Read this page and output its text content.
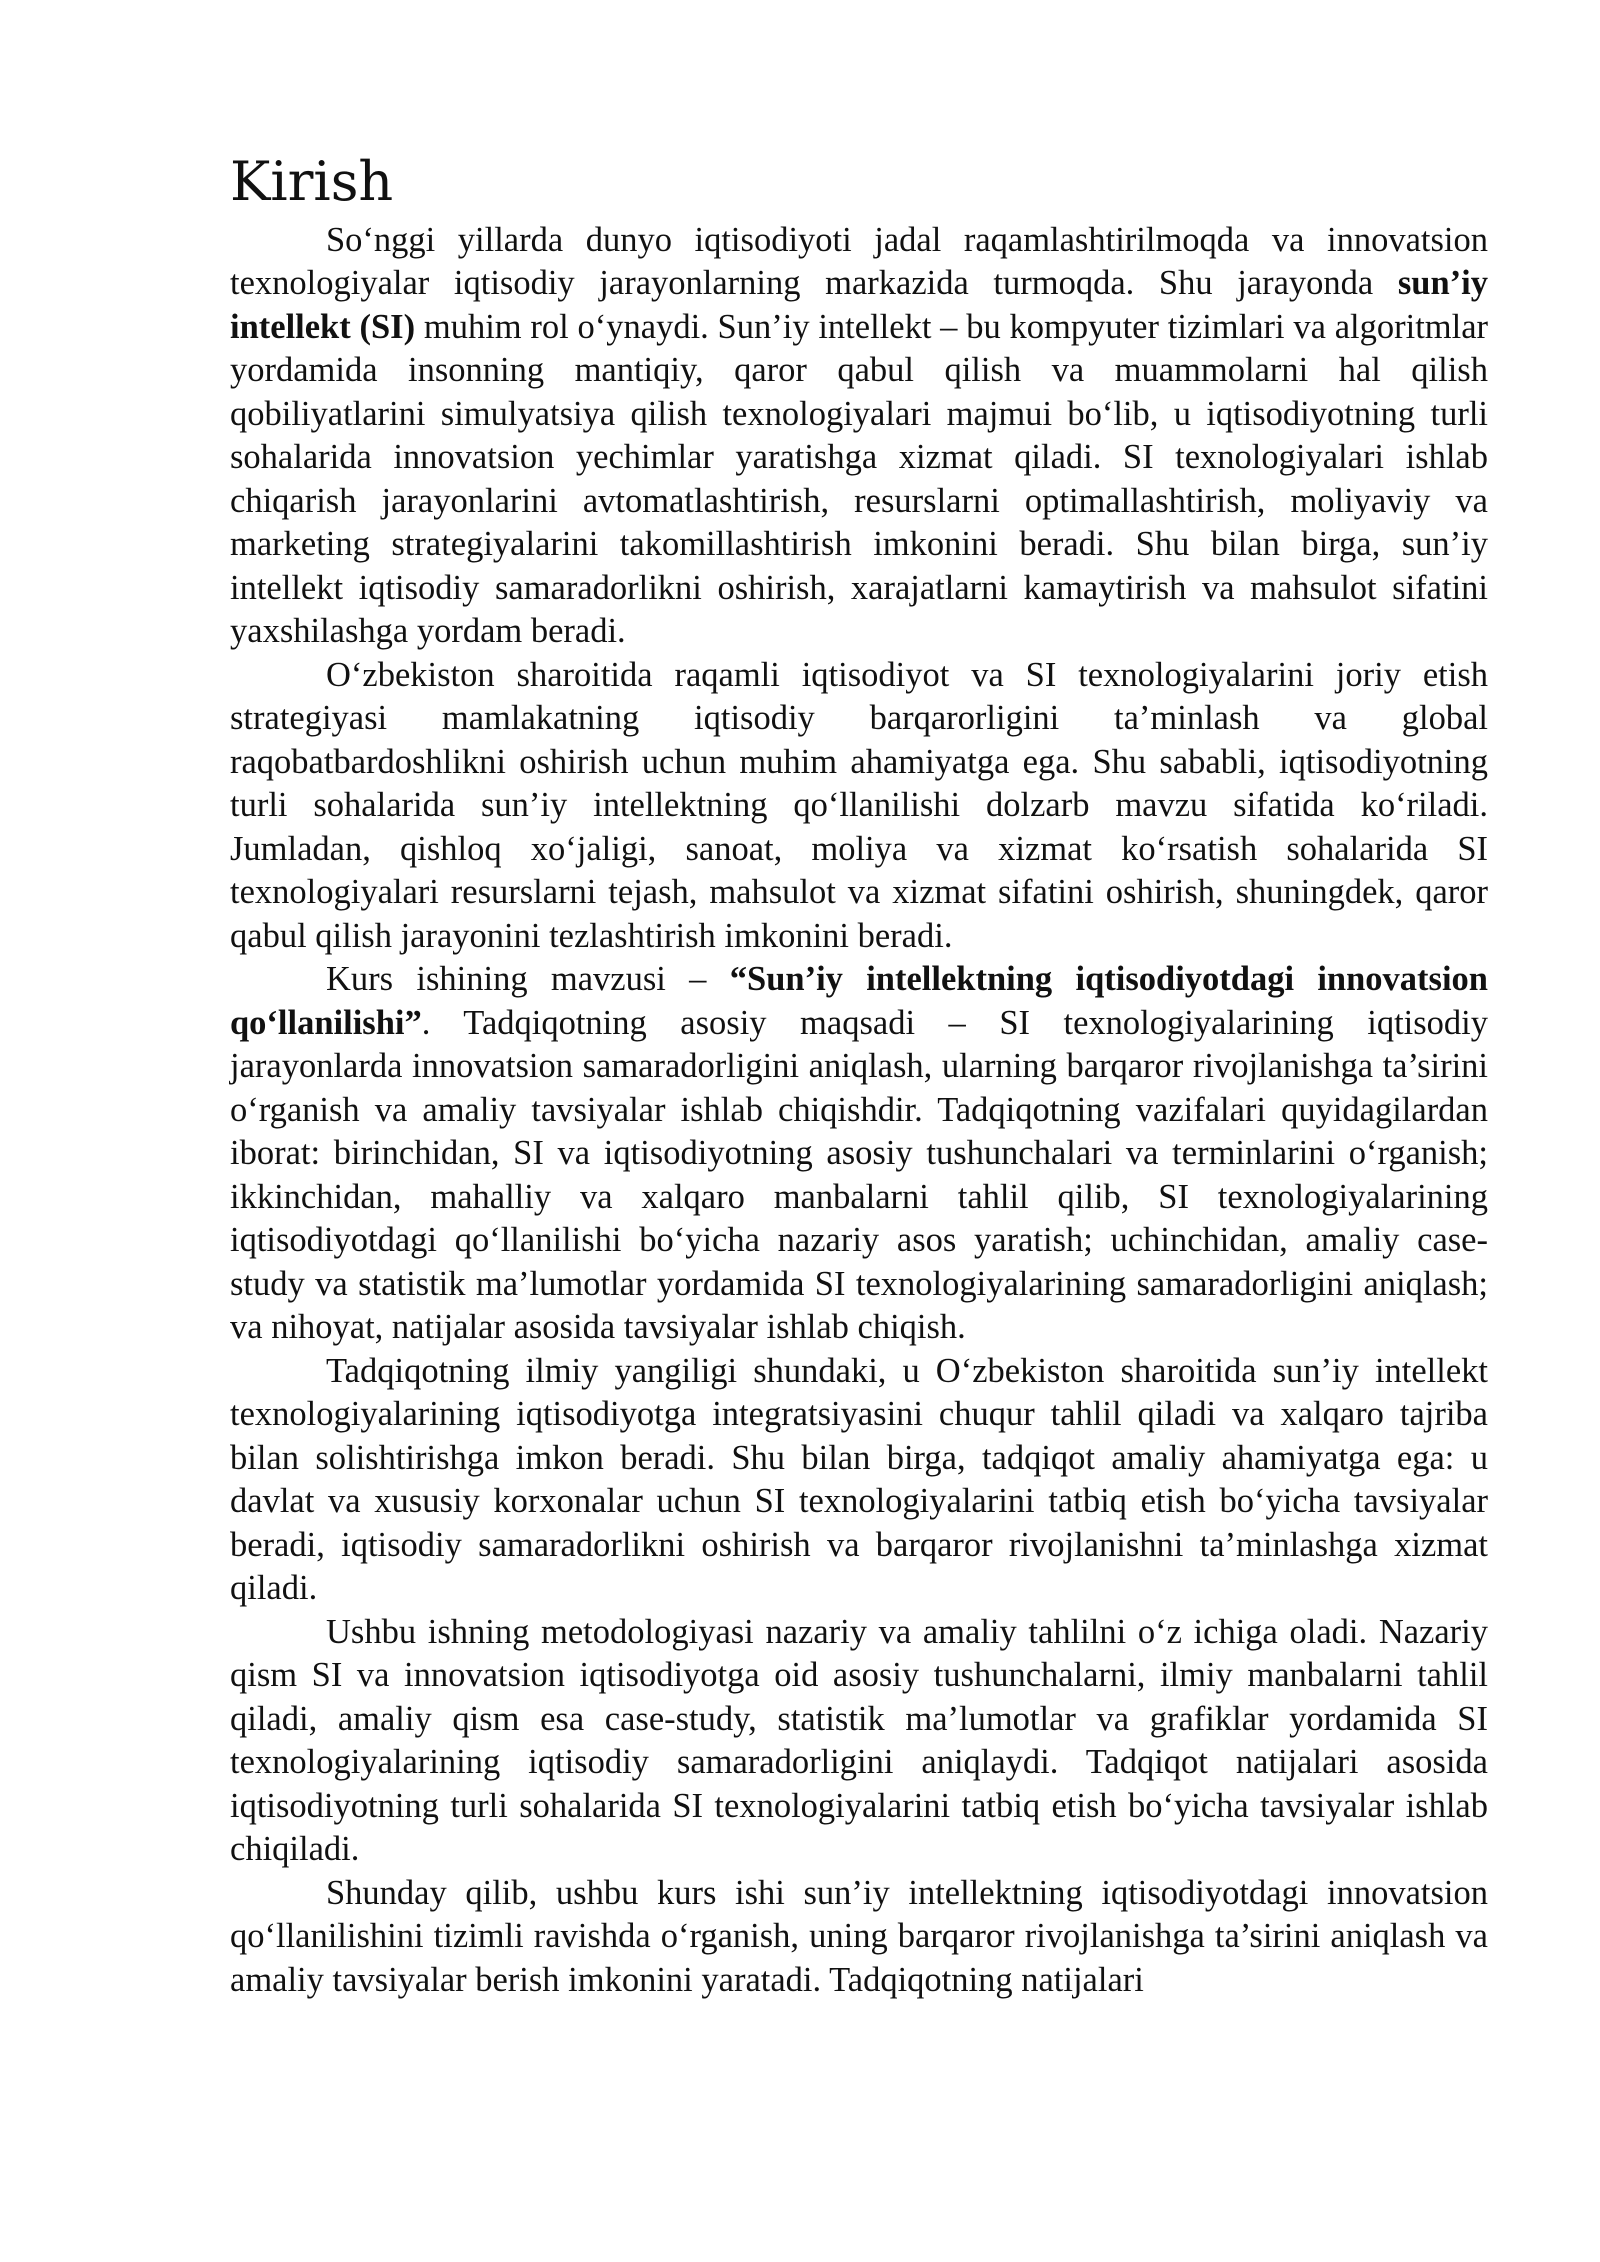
Kirish

So‘nggi yillarda dunyo iqtisodiyoti jadal raqamlashtirilmoqda va innovatsion texnologiyalar iqtisodiy jarayonlarning markazida turmoqda. Shu jarayonda sun’iy intellekt (SI) muhim rol o‘ynaydi. Sun’iy intellekt – bu kompyuter tizimlari va algoritmlar yordamida insonning mantiqiy, qaror qabul qilish va muammolarni hal qilish qobiliyatlarini simulyatsiya qilish texnologiyalari majmui bo‘lib, u iqtisodiyotning turli sohalarida innovatsion yechimlar yaratishga xizmat qiladi. SI texnologiyalari ishlab chiqarish jarayonlarini avtomatlashtirish, resurslarni optimallashtirish, moliyaviy va marketing strategiyalarini takomillashtirish imkonini beradi. Shu bilan birga, sun’iy intellekt iqtisodiy samaradorlikni oshirish, xarajatlarni kamaytirish va mahsulot sifatini yaxshilashga yordam beradi.

O‘zbekiston sharoitida raqamli iqtisodiyot va SI texnologiyalarini joriy etish strategiyasi mamlakatning iqtisodiy barqarorligini ta’minlash va global raqobatbardoshlikni oshirish uchun muhim ahamiyatga ega. Shu sababli, iqtisodiyotning turli sohalarida sun’iy intellektning qo‘llanilishi dolzarb mavzu sifatida ko‘riladi. Jumladan, qishloq xo‘jaligi, sanoat, moliya va xizmat ko‘rsatish sohalarida SI texnologiyalari resurslarni tejash, mahsulot va xizmat sifatini oshirish, shuningdek, qaror qabul qilish jarayonini tezlashtirish imkonini beradi.

Kurs ishining mavzusi – “Sun’iy intellektning iqtisodiyotdagi innovatsion qo‘llanilishi”. Tadqiqotning asosiy maqsadi – SI texnologiyalarining iqtisodiy jarayonlarda innovatsion samaradorligini aniqlash, ularning barqaror rivojlanishga ta’sirini o‘rganish va amaliy tavsiyalar ishlab chiqishdir. Tadqiqotning vazifalari quyidagilardan iborat: birinchidan, SI va iqtisodiyotning asosiy tushunchalari va terminlarini o‘rganish; ikkinchidan, mahalliy va xalqaro manbalarni tahlil qilib, SI texnologiyalarining iqtisodiyotdagi qo‘llanilishi bo‘yicha nazariy asos yaratish; uchinchidan, amaliy case-study va statistik ma’lumotlar yordamida SI texnologiyalarining samaradorligini aniqlash; va nihoyat, natijalar asosida tavsiyalar ishlab chiqish.

Tadqiqotning ilmiy yangiligi shundaki, u O‘zbekiston sharoitida sun’iy intellekt texnologiyalarining iqtisodiyotga integratsiyasini chuqur tahlil qiladi va xalqaro tajriba bilan solishtirishga imkon beradi. Shu bilan birga, tadqiqot amaliy ahamiyatga ega: u davlat va xususiy korxonalar uchun SI texnologiyalarini tatbiq etish bo‘yicha tavsiyalar beradi, iqtisodiy samaradorlikni oshirish va barqaror rivojlanishni ta’minlashga xizmat qiladi.

Ushbu ishning metodologiyasi nazariy va amaliy tahlilni o‘z ichiga oladi. Nazariy qism SI va innovatsion iqtisodiyotga oid asosiy tushunchalarni, ilmiy manbalarni tahlil qiladi, amaliy qism esa case-study, statistik ma’lumotlar va grafiklar yordamida SI texnologiyalarining iqtisodiy samaradorligini aniqlaydi. Tadqiqot natijalari asosida iqtisodiyotning turli sohalarida SI texnologiyalarini tatbiq etish bo‘yicha tavsiyalar ishlab chiqiladi.

Shunday qilib, ushbu kurs ishi sun’iy intellektning iqtisodiyotdagi innovatsion qo‘llanilishini tizimli ravishda o‘rganish, uning barqaror rivojlanishga ta’sirini aniqlash va amaliy tavsiyalar berish imkonini yaratadi. Tadqiqotning natijalari
